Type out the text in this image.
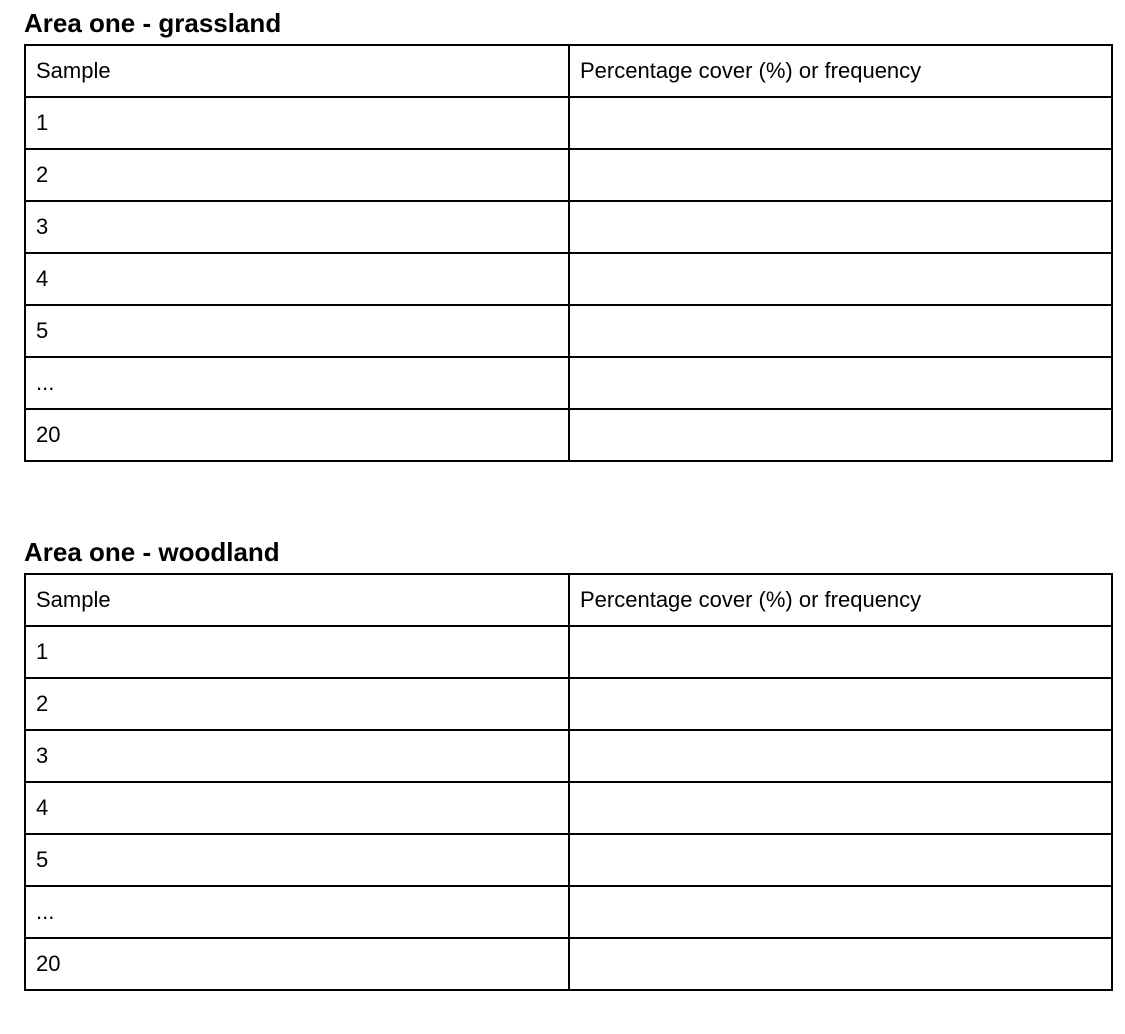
Area one - grassland
Sample	Percentage cover (%) or frequency
1	
2	
3	
4	
5	
...	
20	
Area one - woodland
Sample	Percentage cover (%) or frequency
1	
2	
3	
4	
5	
...	
20	
